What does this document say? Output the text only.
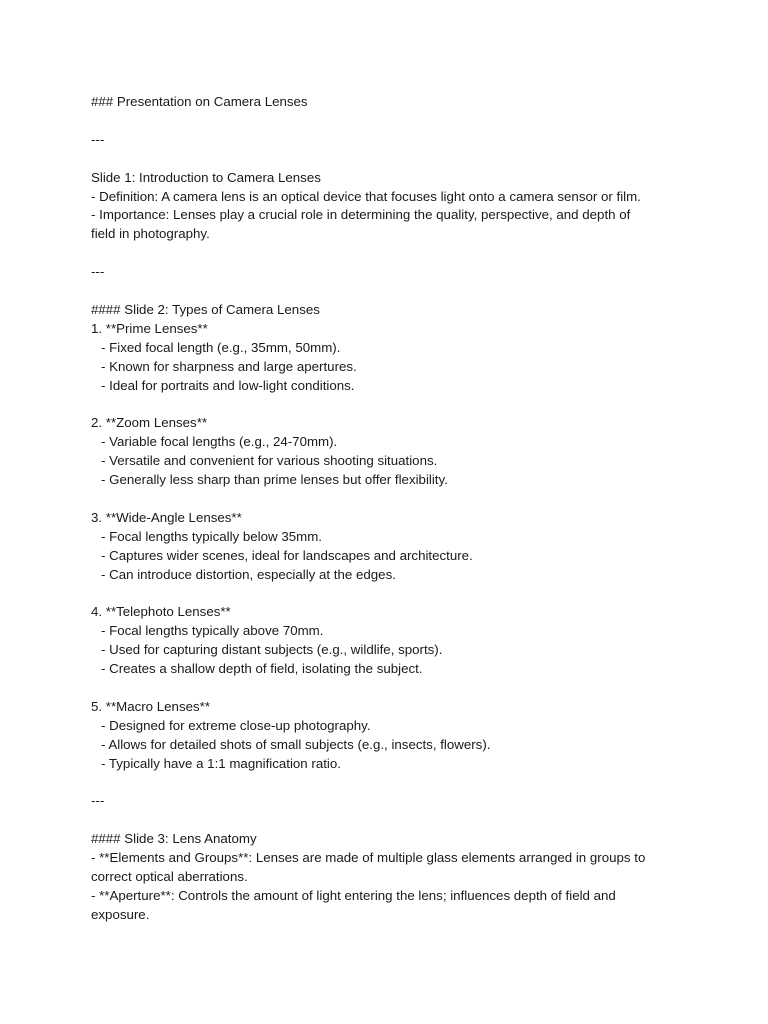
### Presentation on Camera Lenses
---
Slide 1: Introduction to Camera Lenses
- Definition: A camera lens is an optical device that focuses light onto a camera sensor or film.
- Importance: Lenses play a crucial role in determining the quality, perspective, and depth of
field in photography.
---
#### Slide 2: Types of Camera Lenses
1. **Prime Lenses**
- Fixed focal length (e.g., 35mm, 50mm).
- Known for sharpness and large apertures.
- Ideal for portraits and low-light conditions.
2. **Zoom Lenses**
- Variable focal lengths (e.g., 24-70mm).
- Versatile and convenient for various shooting situations.
- Generally less sharp than prime lenses but offer flexibility.
3. **Wide-Angle Lenses**
- Focal lengths typically below 35mm.
- Captures wider scenes, ideal for landscapes and architecture.
- Can introduce distortion, especially at the edges.
4. **Telephoto Lenses**
- Focal lengths typically above 70mm.
- Used for capturing distant subjects (e.g., wildlife, sports).
- Creates a shallow depth of field, isolating the subject.
5. **Macro Lenses**
- Designed for extreme close-up photography.
- Allows for detailed shots of small subjects (e.g., insects, flowers).
- Typically have a 1:1 magnification ratio.
---
#### Slide 3: Lens Anatomy
- **Elements and Groups**: Lenses are made of multiple glass elements arranged in groups to
correct optical aberrations.
- **Aperture**: Controls the amount of light entering the lens; influences depth of field and
exposure.
